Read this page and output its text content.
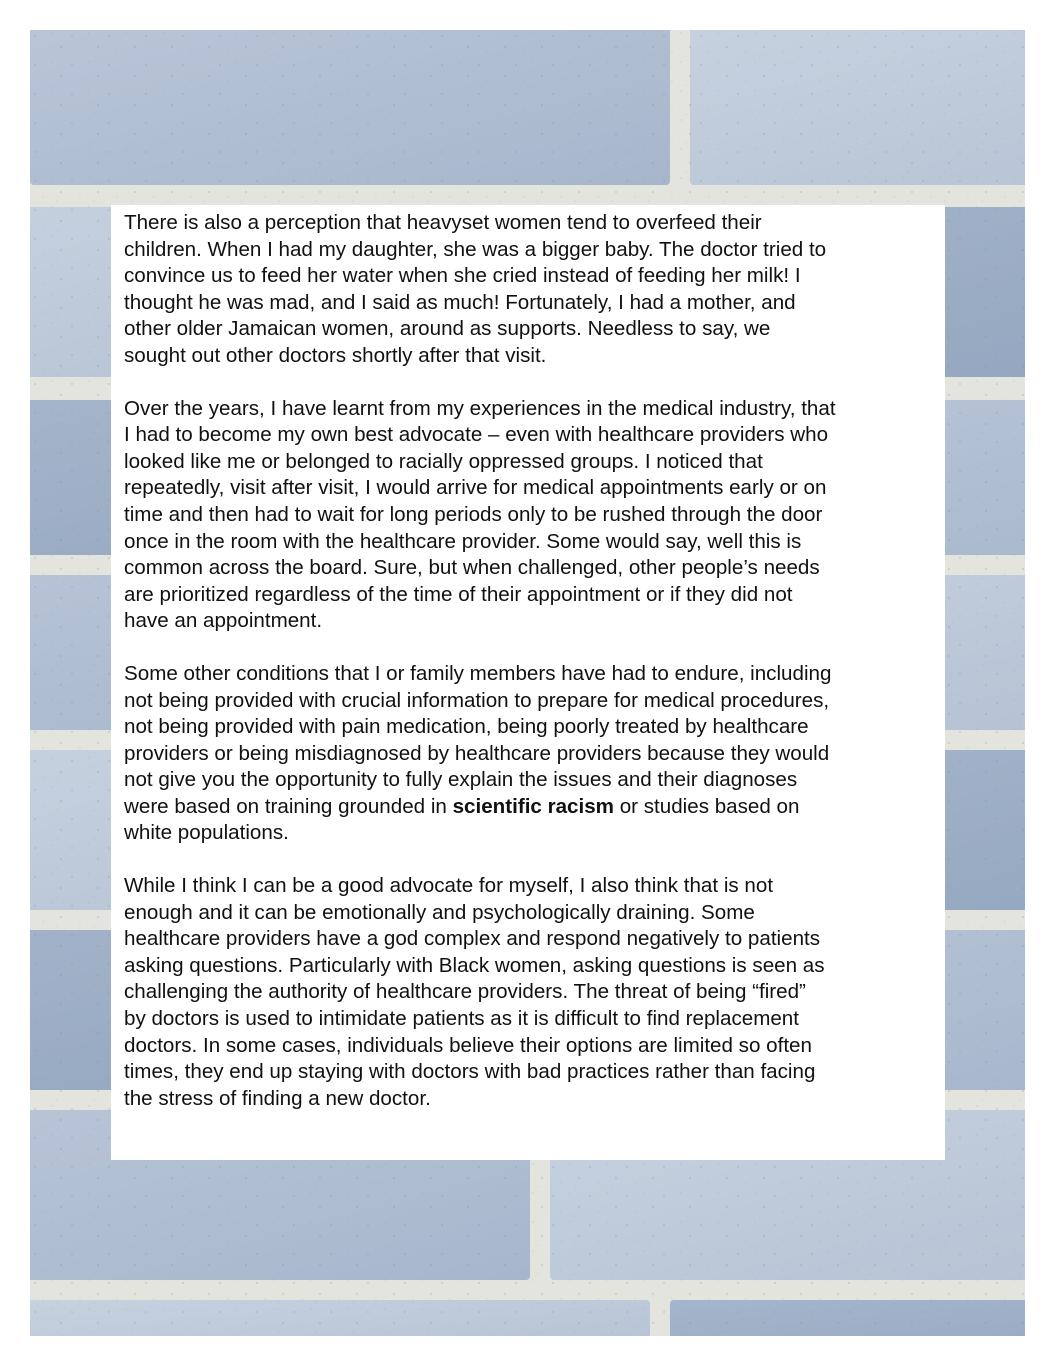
There is also a perception that heavyset women tend to overfeed their
children. When I had my daughter, she was a bigger baby. The doctor tried to
convince us to feed her water when she cried instead of feeding her milk! I
thought he was mad, and I said as much! Fortunately, I had a mother, and
other older Jamaican women, around as supports. Needless to say, we
sought out other doctors shortly after that visit.

Over the years, I have learnt from my experiences in the medical industry, that
I had to become my own best advocate – even with healthcare providers who
looked like me or belonged to racially oppressed groups. I noticed that
repeatedly, visit after visit, I would arrive for medical appointments early or on
time and then had to wait for long periods only to be rushed through the door
once in the room with the healthcare provider. Some would say, well this is
common across the board. Sure, but when challenged, other people’s needs
are prioritized regardless of the time of their appointment or if they did not
have an appointment.

Some other conditions that I or family members have had to endure, including
not being provided with crucial information to prepare for medical procedures,
not being provided with pain medication, being poorly treated by healthcare
providers or being misdiagnosed by healthcare providers because they would
not give you the opportunity to fully explain the issues and their diagnoses
were based on training grounded in scientific racism or studies based on
white populations.

While I think I can be a good advocate for myself, I also think that is not
enough and it can be emotionally and psychologically draining. Some
healthcare providers have a god complex and respond negatively to patients
asking questions. Particularly with Black women, asking questions is seen as
challenging the authority of healthcare providers. The threat of being “fired”
by doctors is used to intimidate patients as it is difficult to find replacement
doctors. In some cases, individuals believe their options are limited so often
times, they end up staying with doctors with bad practices rather than facing
the stress of finding a new doctor.
